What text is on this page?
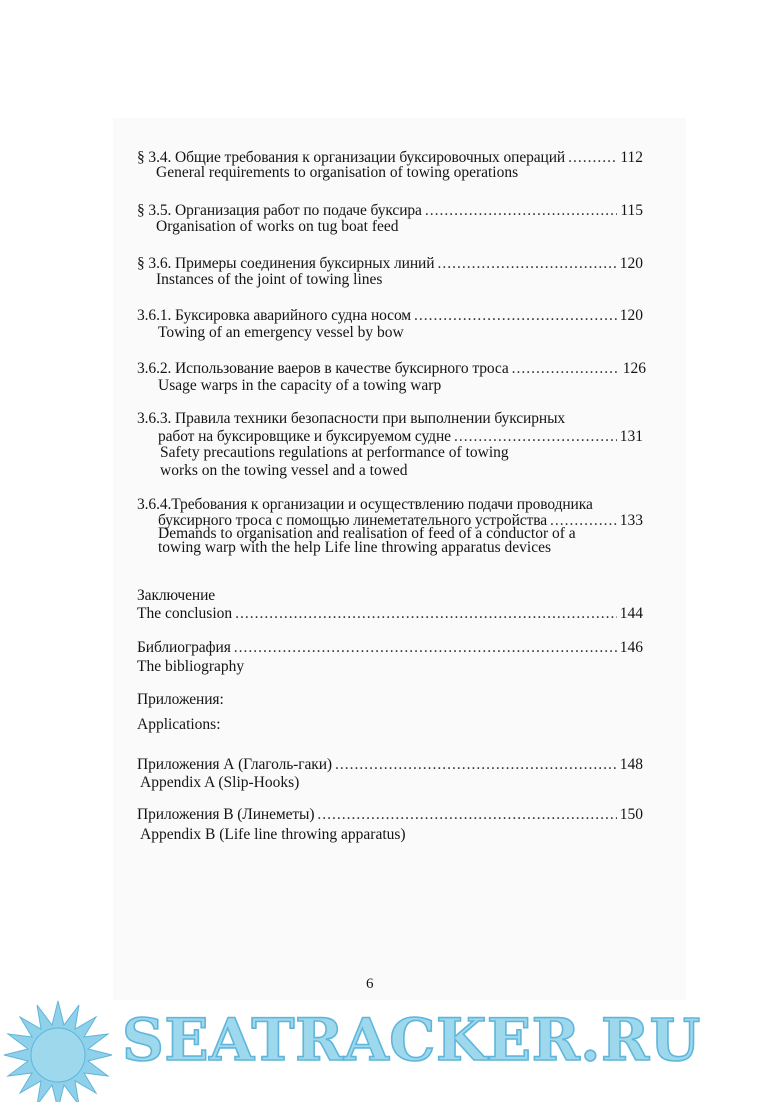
§ 3.4. Общие требования к организации буксировочных операций .....	112
General requirements to organisation of towing operations
§ 3.5. Организация работ по подаче буксира .....	115
Organisation of works on tug boat feed
§ 3.6. Примеры соединения буксирных линий .....	120
Instances of the joint of towing lines
3.6.1. Буксировка аварийного судна носом .....	120
Towing of an emergency vessel by bow
3.6.2. Использование ваеров в качестве буксирного троса .....	126
Usage warps in the capacity of a towing warp
3.6.3. Правила техники безопасности при выполнении буксирных
работ на буксировщике и буксируемом судне .....	131
Safety precautions regulations at performance of towing
works on the towing vessel and a towed
3.6.4.Требования к организации и осуществлению подачи проводника
буксирного троса с помощью линеметательного устройства .....	133
Demands to organisation and realisation of feed of a conductor of a
towing warp with the help Life line throwing apparatus devices
Заключение
The conclusion .....	144
Библиография .....	146
The bibliography
Приложения:
Applications:
Приложения А (Глаголь-гаки) .....	148
Appendix A (Slip-Hooks)
Приложения В (Линеметы) .....	150
Appendix B (Life line throwing apparatus)
6
SEATRACKER.RU
